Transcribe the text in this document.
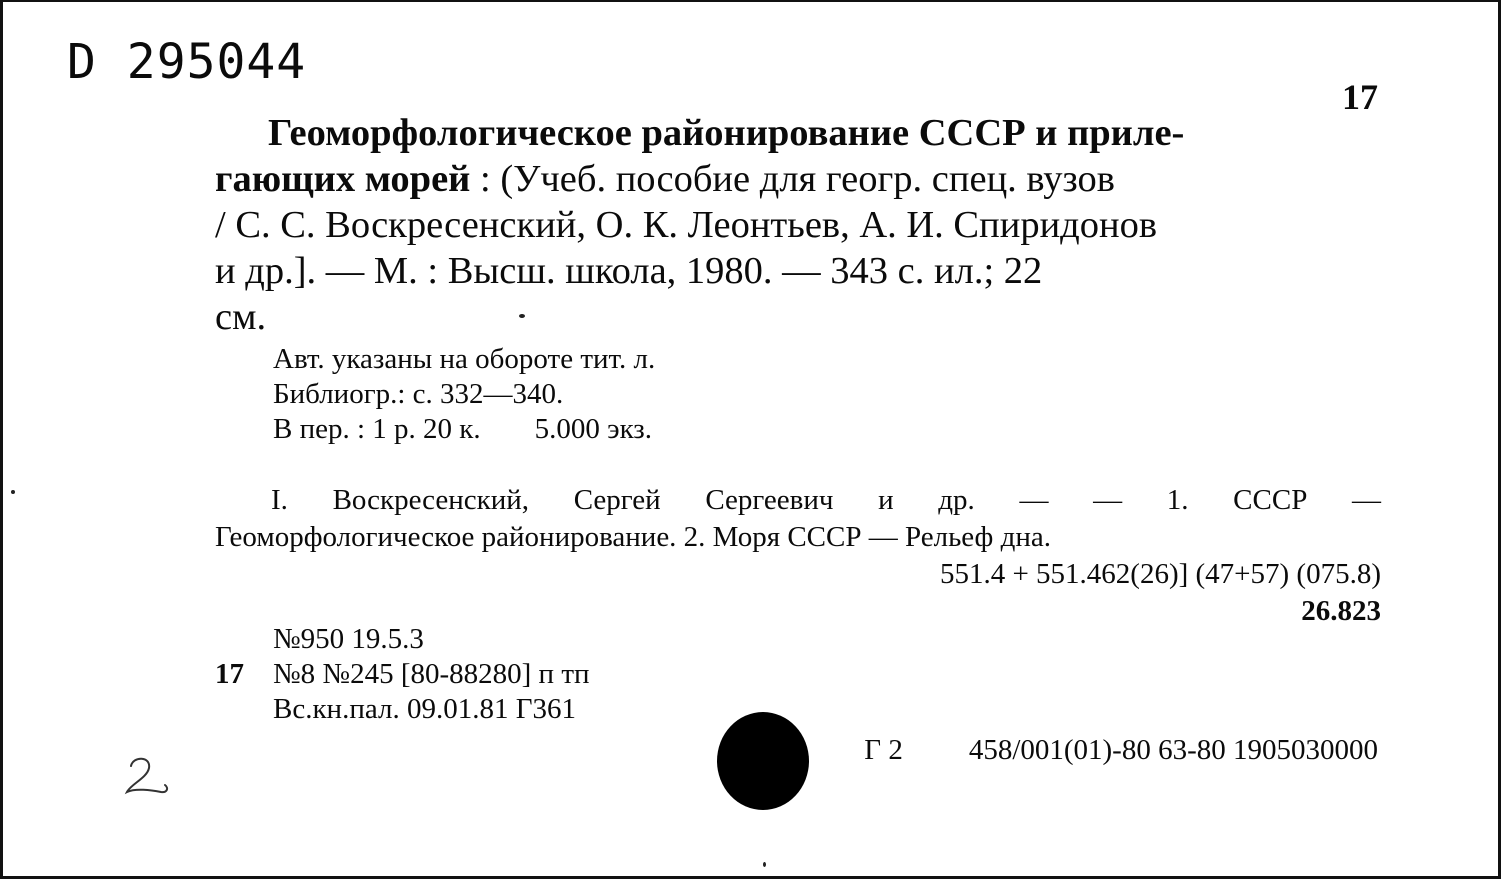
D 295044
17
Геоморфологическое районирование СССР и приле-
гающих морей : (Учеб. пособие для геогр. спец. вузов
/ С. С. Воскресенский, О. К. Леонтьев, А. И. Спиридонов
и др.]. — М. : Высш. школа, 1980. — 343 с. ил.; 22
см.
Авт. указаны на обороте тит. л.
Библиогр.: с. 332—340.
В пер. : 1 р. 20 к. 5.000 экз.
I. Воскресенский, Сергей Сергеевич и др. — — 1. СССР —
Геоморфологическое районирование. 2. Моря СССР — Рельеф дна.
551.4 + 551.462(26)] (47+57) (075.8)
26.823
№950 19.5.3
17 №8 №245 [80-88280] п тп
Вс.кн.пал. 09.01.81 Г361
Г 2 458/001(01)-80 63-80 1905030000
